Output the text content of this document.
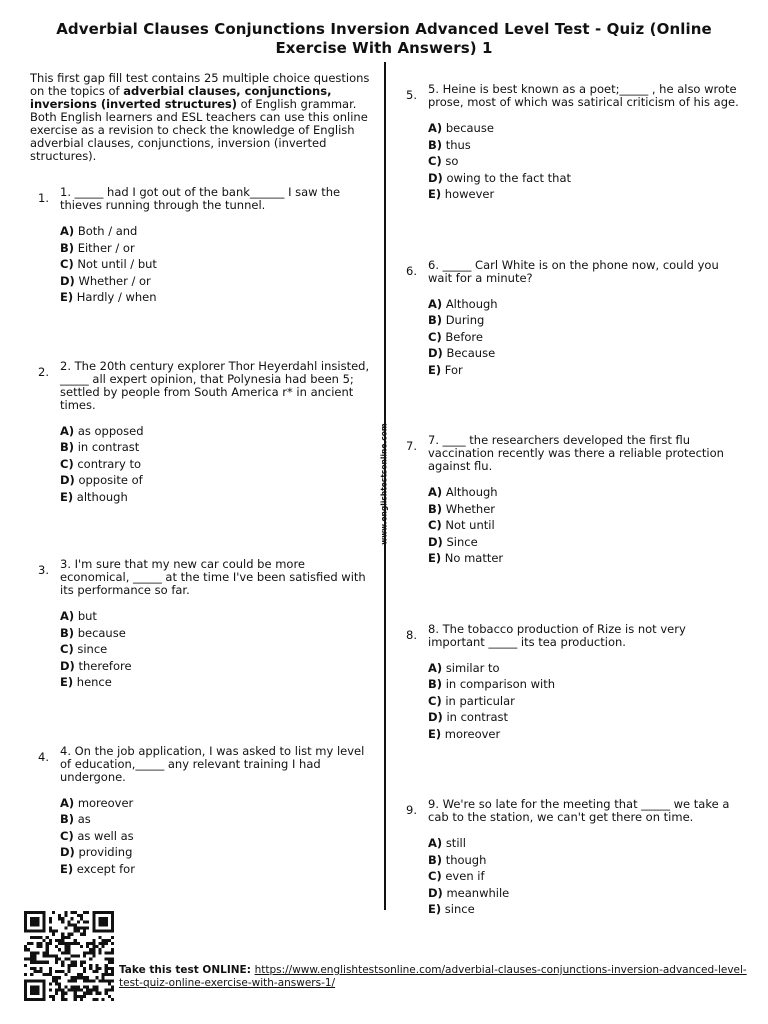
Adverbial Clauses Conjunctions Inversion Advanced Level Test - Quiz (Online Exercise With Answers) 1
www.englishtestsonline.com

This first gap fill test contains 25 multiple choice questions on the topics of adverbial clauses, conjunctions, inversions (inverted structures) of English grammar. Both English learners and ESL teachers can use this online exercise as a revision to check the knowledge of English adverbial clauses, conjunctions, inversion (inverted structures).

1. 1. _____ had I got out of the bank______ I saw the thieves running through the tunnel.

A) Both / and
B) Either / or
C) Not until / but
D) Whether / or
E) Hardly / when
2. 2. The 20th century explorer Thor Heyerdahl insisted, _____ all expert opinion, that Polynesia had been 5; settled by people from South America r* in ancient times.

A) as opposed
B) in contrast
C) contrary to
D) opposite of
E) although
3. 3. I'm sure that my new car could be more economical, _____ at the time I've been satisfied with its performance so far.

A) but
B) because
C) since
D) therefore
E) hence
4. 4. On the job application, I was asked to list my level of education,_____ any relevant training I had undergone.

A) moreover
B) as
C) as well as
D) providing
E) except for
5. 5. Heine is best known as a poet;_____ , he also wrote prose, most of which was satirical criticism of his age.

A) because
B) thus
C) so
D) owing to the fact that
E) however
6. 6. _____ Carl White is on the phone now, could you wait for a minute?

A) Although
B) During
C) Before
D) Because
E) For
7. 7. ____ the researchers developed the first flu vaccination recently was there a reliable protection against flu.

A) Although
B) Whether
C) Not until
D) Since
E) No matter
8. 8. The tobacco production of Rize is not very important _____ its tea production.

A) similar to
B) in comparison with
C) in particular
D) in contrast
E) moreover
9. 9. We're so late for the meeting that _____ we take a cab to the station, we can't get there on time.

A) still
B) though
C) even if
D) meanwhile
E) since
Take this test ONLINE: https://www.englishtestsonline.com/adverbial-clauses-conjunctions-inversion-advanced-level-test-quiz-online-exercise-with-answers-1/
